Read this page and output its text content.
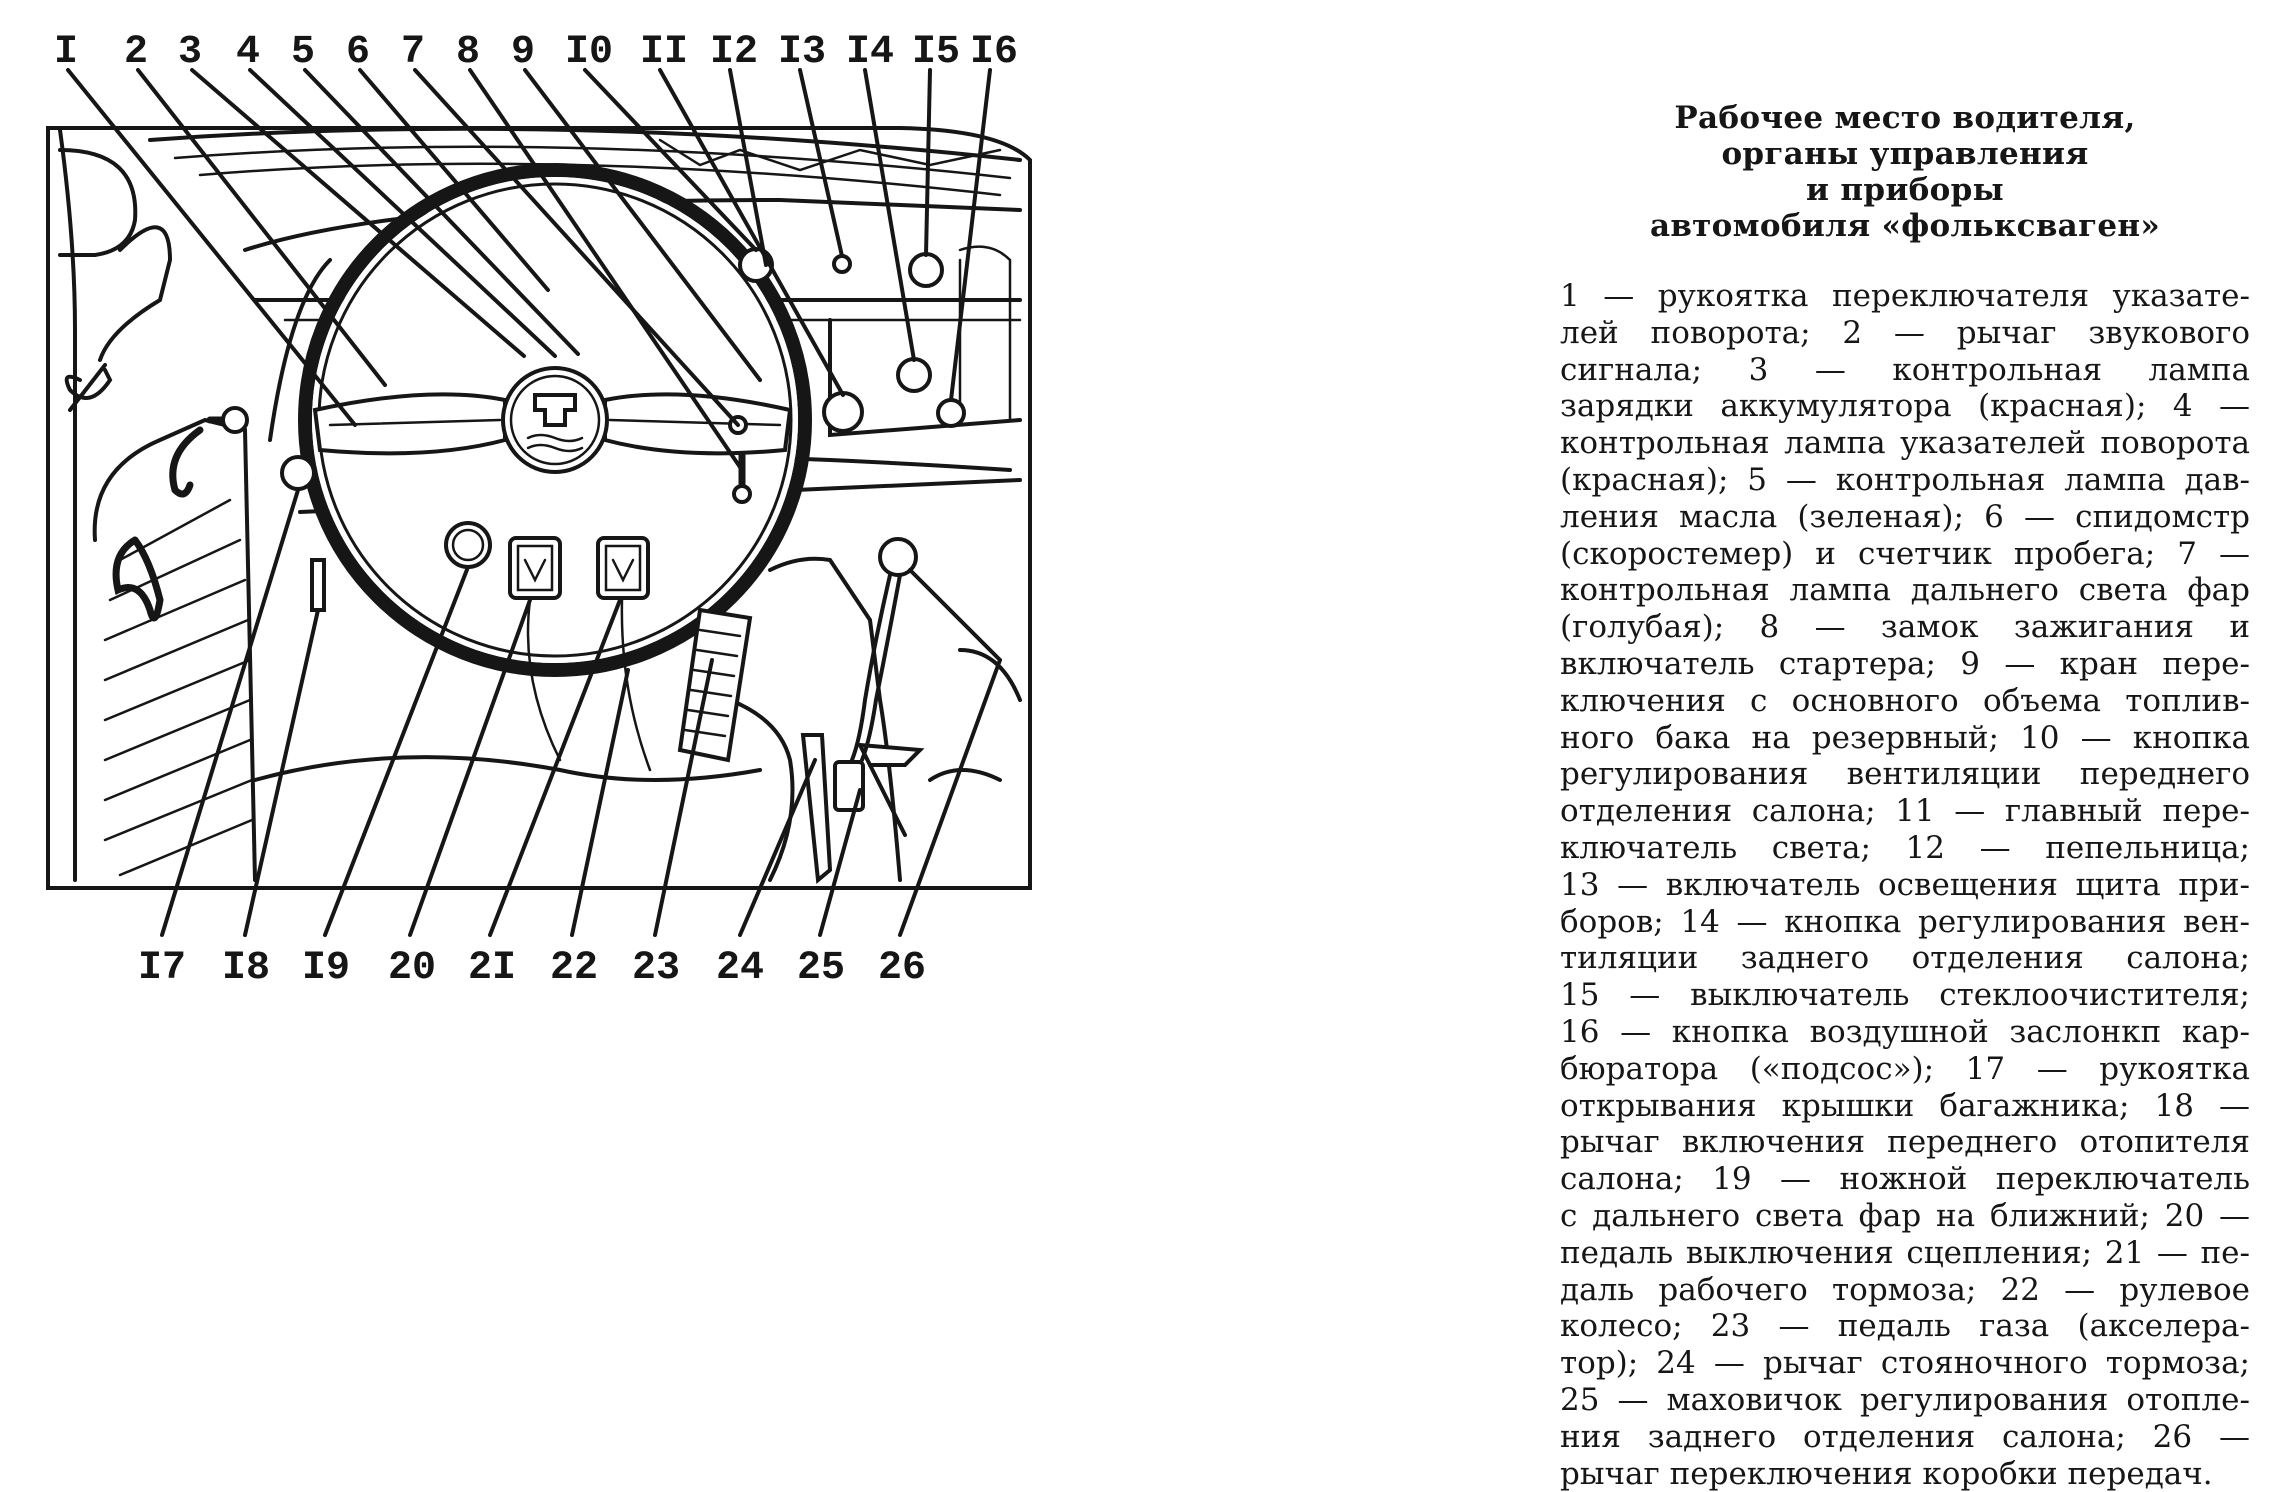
I 2 3 4 5 6 7 8 9 I0 II I2 I3 I4 I5 I6
I7 I8 I9 20 2I 22 23 24 25 26
Рабочее место водителя,
органы управления
и приборы
автомобиля «фольксваген»
1 — рукоятка переключателя указате-
лей поворота; 2 — рычаг звукового
сигнала; 3 — контрольная лампа
зарядки аккумулятора (красная); 4 —
контрольная лампа указателей поворота
(красная); 5 — контрольная лампа дав-
ления масла (зеленая); 6 — спидомстр
(скоростемер) и счетчик пробега; 7 —
контрольная лампа дальнего света фар
(голубая); 8 — замок зажигания и
включатель стартера; 9 — кран пере-
ключения с основного объема топлив-
ного бака на резервный; 10 — кнопка
регулирования вентиляции переднего
отделения салона; 11 — главный пере-
ключатель света; 12 — пепельница;
13 — включатель освещения щита при-
боров; 14 — кнопка регулирования вен-
тиляции заднего отделения салона;
15 — выключатель стеклоочистителя;
16 — кнопка воздушной заслонкп кар-
бюратора («подсос»); 17 — рукоятка
открывания крышки багажника; 18 —
рычаг включения переднего отопителя
салона; 19 — ножной переключатель
с дальнего света фар на ближний; 20 —
педаль выключения сцепления; 21 — пе-
даль рабочего тормоза; 22 — рулевое
колесо; 23 — педаль газа (акселера-
тор); 24 — рычаг стояночного тормоза;
25 — маховичок регулирования отопле-
ния заднего отделения салона; 26 —
рычаг переключения коробки передач.
